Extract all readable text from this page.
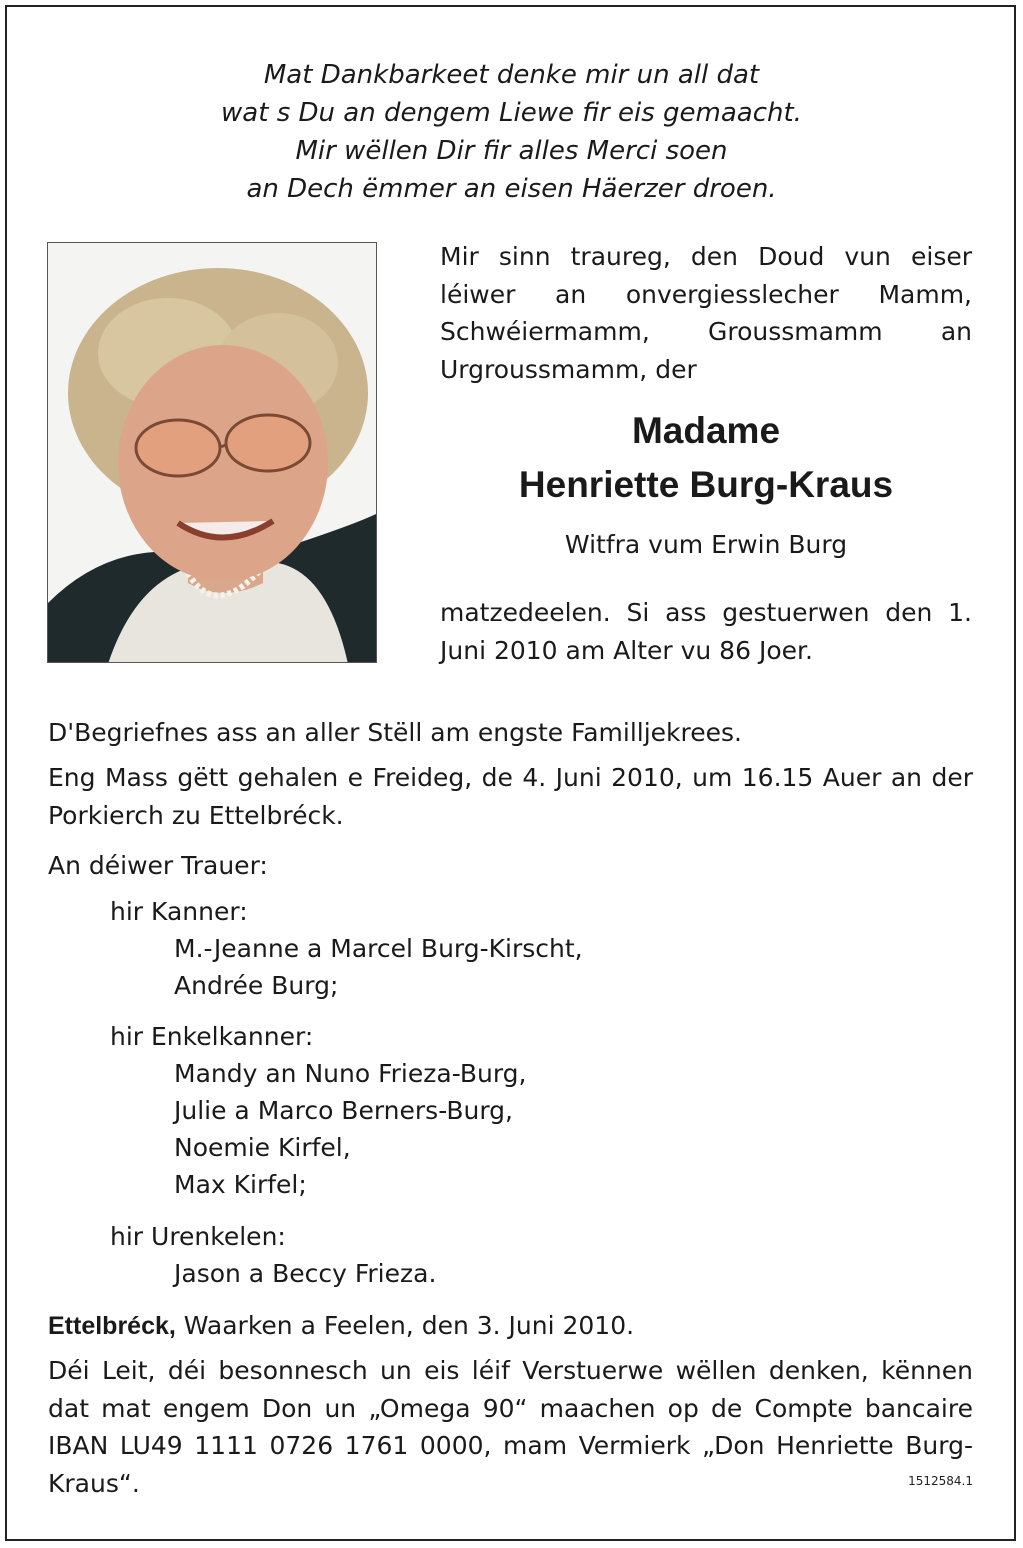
Mat Dankbarkeet denke mir un all dat
wat s Du an dengem Liewe fir eis gemaacht.
Mir wëllen Dir fir alles Merci soen
an Dech ëmmer an eisen Häerzer droen.
Mir sinn traureg, den Doud vun eiser léiwer an onvergiesslecher Mamm, Schwéiermamm, Groussmamm an Urgroussmamm, der
Madame
Henriette Burg-Kraus
Witfra vum Erwin Burg
matzedeelen. Si ass gestuerwen den 1. Juni 2010 am Alter vu 86 Joer.
D'Begriefnes ass an aller Stëll am engste Familljekrees.
Eng Mass gëtt gehalen e Freideg, de 4. Juni 2010, um 16.15 Auer an der Porkierch zu Ettelbréck.
An déiwer Trauer:
hir Kanner:
M.-Jeanne a Marcel Burg-Kirscht,
Andrée Burg;
hir Enkelkanner:
Mandy an Nuno Frieza-Burg,
Julie a Marco Berners-Burg,
Noemie Kirfel,
Max Kirfel;
hir Urenkelen:
Jason a Beccy Frieza.
Ettelbréck, Waarken a Feelen, den 3. Juni 2010.
Déi Leit, déi besonnesch un eis léif Verstuerwe wëllen denken, kënnen dat mat engem Don un „Omega 90“ maachen op de Compte bancaire IBAN LU49 1111 0726 1761 0000, mam Vermierk „Don Henriette Burg-Kraus“.	1512584.1
